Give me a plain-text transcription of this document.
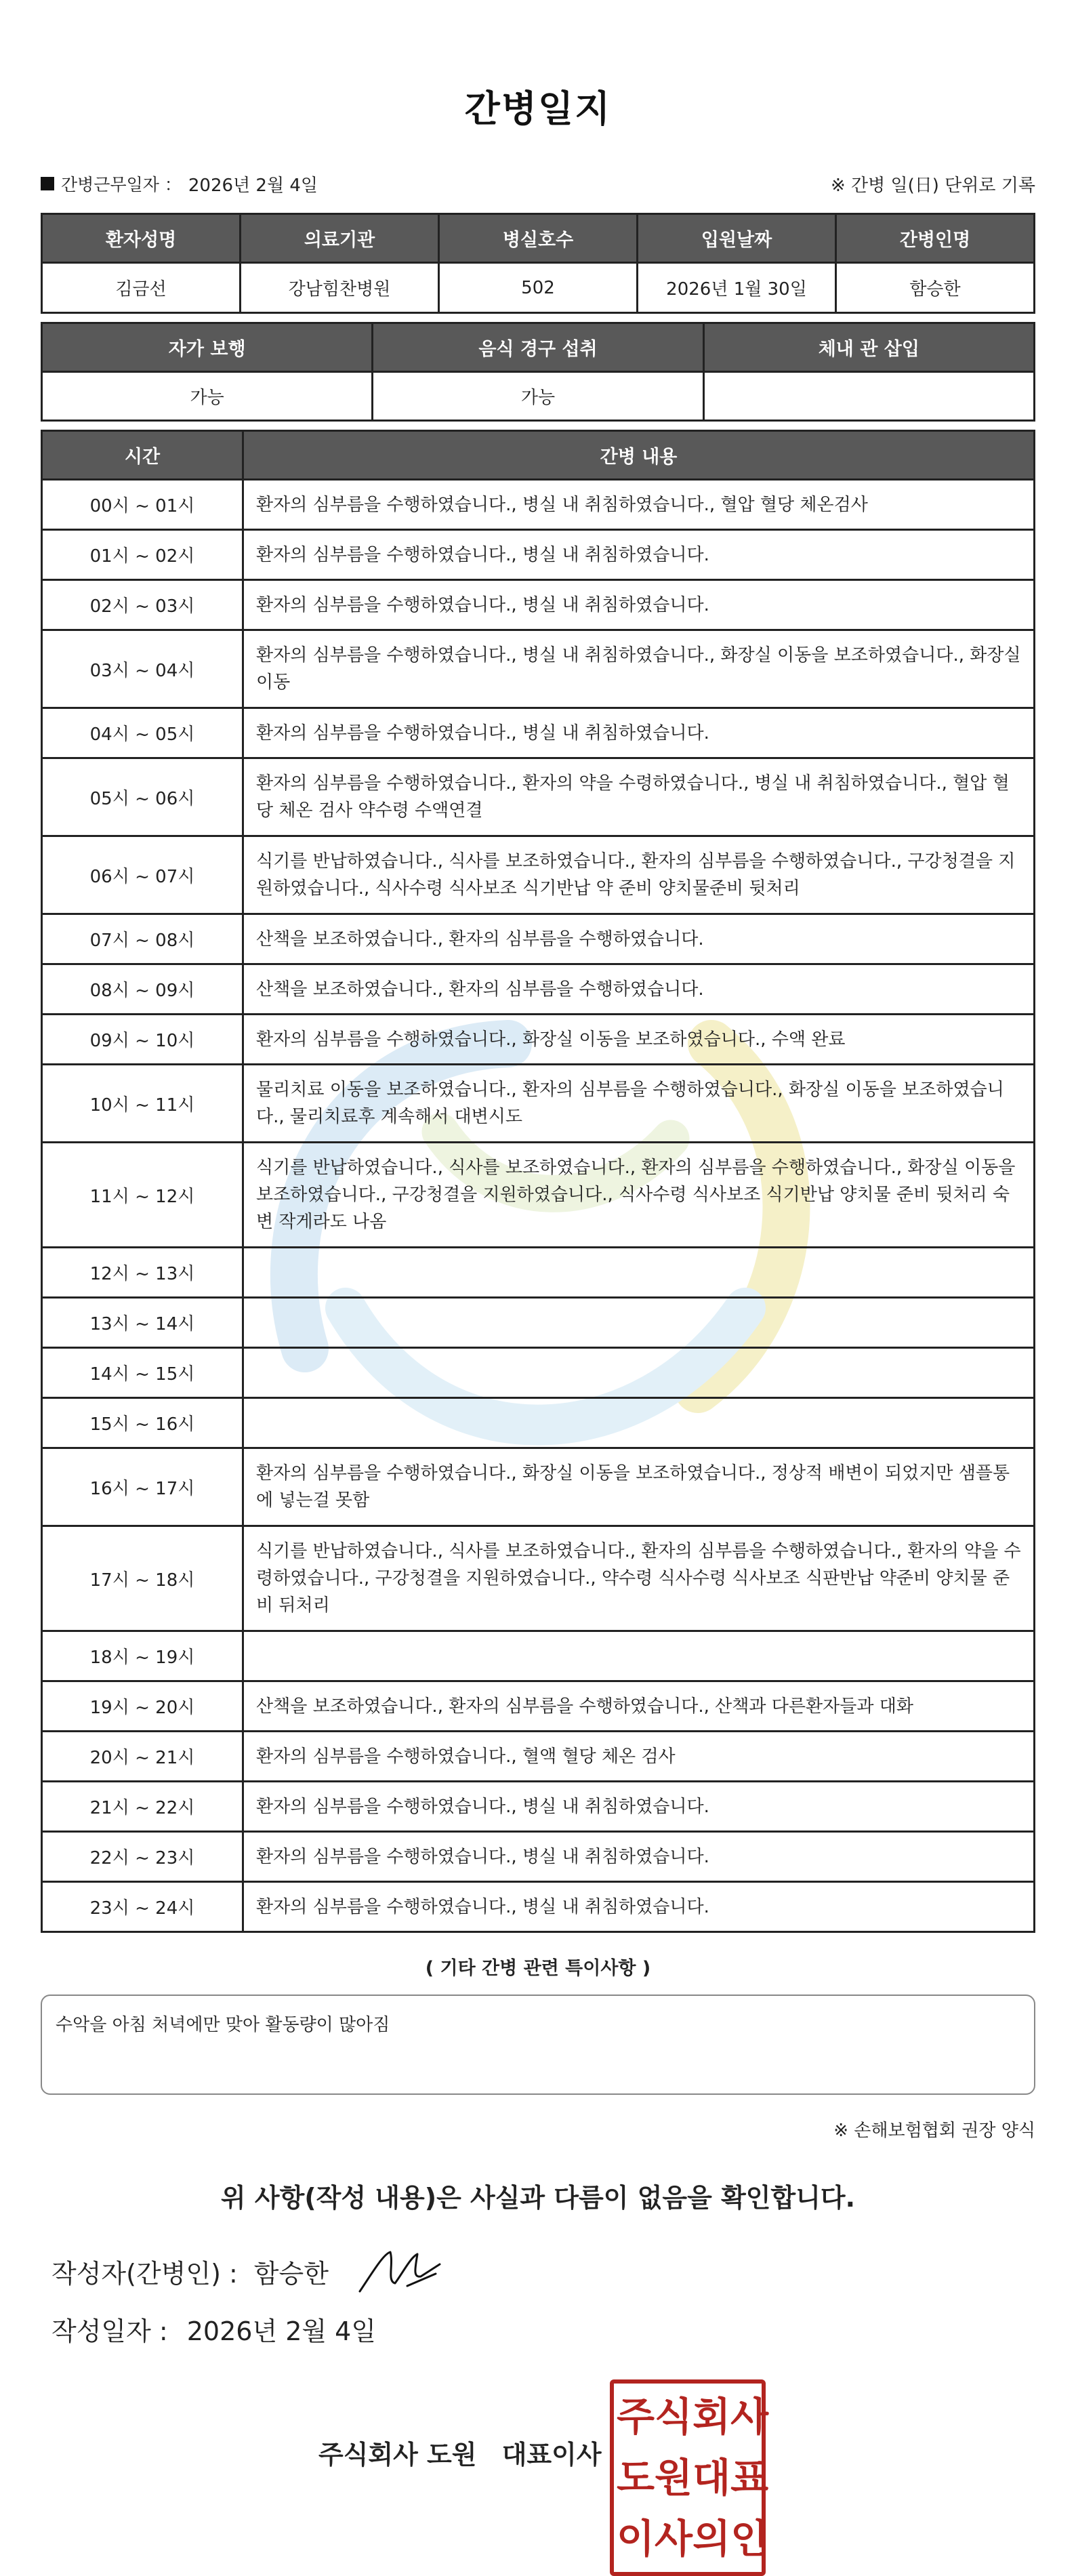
간병일지
간병근무일자 ： 2026년 2월 4일	※ 간병 일(日) 단위로 기록
환자성명	의료기관	병실호수	입원날짜	간병인명
김금선	강남힘찬병원	502	2026년 1월 30일	함승한
자가 보행	음식 경구 섭취	체내 관 삽입
가능	가능	
시간	간병 내용
00시 ~ 01시	환자의 심부름을 수행하였습니다., 병실 내 취침하였습니다., 혈압 혈당 체온검사
01시 ~ 02시	환자의 심부름을 수행하였습니다., 병실 내 취침하였습니다.
02시 ~ 03시	환자의 심부름을 수행하였습니다., 병실 내 취침하였습니다.
03시 ~ 04시	환자의 심부름을 수행하였습니다., 병실 내 취침하였습니다., 화장실 이동을 보조하였습니다., 화장실 이동
04시 ~ 05시	환자의 심부름을 수행하였습니다., 병실 내 취침하였습니다.
05시 ~ 06시	환자의 심부름을 수행하였습니다., 환자의 약을 수령하였습니다., 병실 내 취침하였습니다., 혈압 혈당 체온 검사 약수령 수액연결
06시 ~ 07시	식기를 반납하였습니다., 식사를 보조하였습니다., 환자의 심부름을 수행하였습니다., 구강청결을 지원하였습니다., 식사수령 식사보조 식기반납 약 준비 양치물준비 뒷처리
07시 ~ 08시	산책을 보조하였습니다., 환자의 심부름을 수행하였습니다.
08시 ~ 09시	산책을 보조하였습니다., 환자의 심부름을 수행하였습니다.
09시 ~ 10시	환자의 심부름을 수행하였습니다., 화장실 이동을 보조하였습니다., 수액 완료
10시 ~ 11시	물리치료 이동을 보조하였습니다., 환자의 심부름을 수행하였습니다., 화장실 이동을 보조하였습니다., 물리치료후 계속해서 대변시도
11시 ~ 12시	식기를 반납하였습니다., 식사를 보조하였습니다., 환자의 심부름을 수행하였습니다., 화장실 이동을 보조하였습니다., 구강청결을 지원하였습니다., 식사수령 식사보조 식기반납 양치물 준비 뒷처리 숙변 작게라도 나옴
12시 ~ 13시	
13시 ~ 14시	
14시 ~ 15시	
15시 ~ 16시	
16시 ~ 17시	환자의 심부름을 수행하였습니다., 화장실 이동을 보조하였습니다., 정상적 배변이 되었지만 샘플통에 넣는걸 못함
17시 ~ 18시	식기를 반납하였습니다., 식사를 보조하였습니다., 환자의 심부름을 수행하였습니다., 환자의 약을 수령하였습니다., 구강청결을 지원하였습니다., 약수령 식사수령 식사보조 식판반납 약준비 양치물 준비 뒤처리
18시 ~ 19시	
19시 ~ 20시	산책을 보조하였습니다., 환자의 심부름을 수행하였습니다., 산책과 다른환자들과 대화
20시 ~ 21시	환자의 심부름을 수행하였습니다., 혈액 혈당 체온 검사
21시 ~ 22시	환자의 심부름을 수행하였습니다., 병실 내 취침하였습니다.
22시 ~ 23시	환자의 심부름을 수행하였습니다., 병실 내 취침하였습니다.
23시 ~ 24시	환자의 심부름을 수행하였습니다., 병실 내 취침하였습니다.
( 기타 간병 관련 특이사항 )
수악을 아침 처녁에만 맞아 활동량이 많아짐
※ 손해보험협회 권장 양식
위 사항(작성 내용)은 사실과 다름이 없음을 확인합니다.
작성자(간병인) : 함승한
작성일자 : 2026년 2월 4일
주식회사 도원 대표이사
주 식 회 사
도 원 대 표
이 사 의 인
